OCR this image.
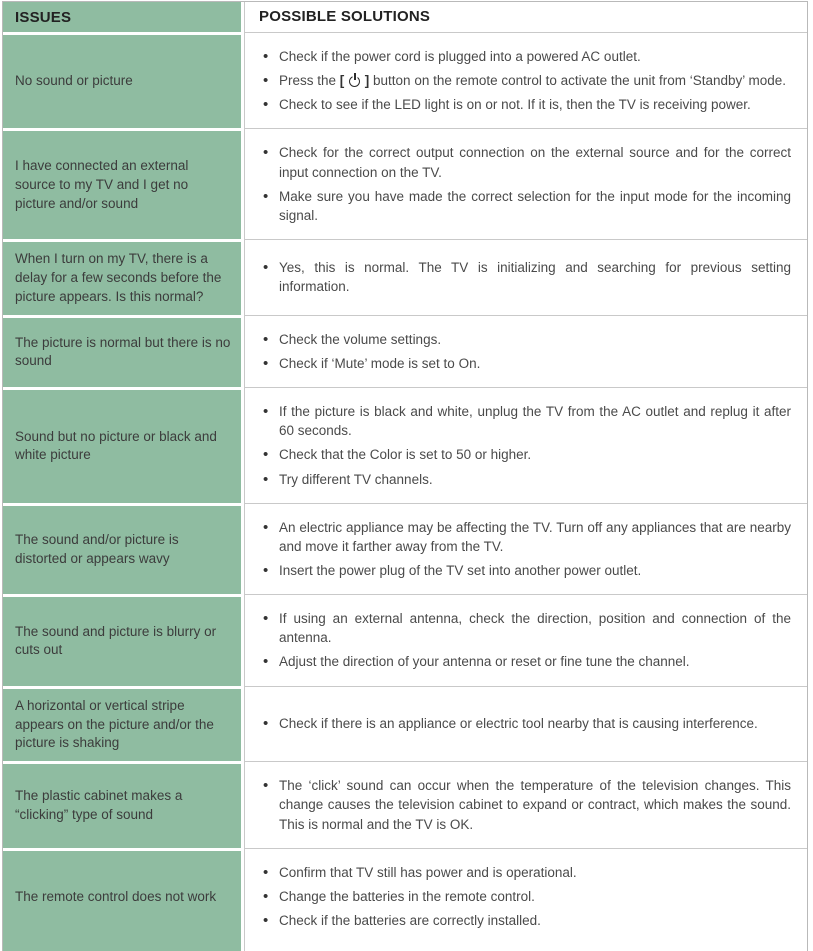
ISSUES	POSSIBLE SOLUTIONS
No sound or picture
• Check if the power cord is plugged into a powered AC outlet.
• Press the [  ] button on the remote control to activate the unit from ‘Standby’ mode.
• Check to see if the LED light is on or not. If it is, then the TV is receiving power.
I have connected an external source to my TV and I get no picture and/or sound
• Check for the correct output connection on the external source and for the correct input connection on the TV.
• Make sure you have made the correct selection for the input mode for the incoming signal.
When I turn on my TV, there is a delay for a few seconds before the picture appears. Is this normal?
• Yes, this is normal. The TV is initializing and searching for previous setting information.
The picture is normal but there is no sound
• Check the volume settings.
• Check if ‘Mute’ mode is set to On.
Sound but no picture or black and white picture
• If the picture is black and white, unplug the TV from the AC outlet and replug it after 60 seconds.
• Check that the Color is set to 50 or higher.
• Try different TV channels.
The sound and/or picture is distorted or appears wavy
• An electric appliance may be affecting the TV. Turn off any appliances that are nearby and move it farther away from the TV.
• Insert the power plug of the TV set into another power outlet.
The sound and picture is blurry or cuts out
• If using an external antenna, check the direction, position and connection of the antenna.
• Adjust the direction of your antenna or reset or fine tune the channel.
A horizontal or vertical stripe appears on the picture and/or the picture is shaking
• Check if there is an appliance or electric tool nearby that is causing interference.
The plastic cabinet makes a “clicking” type of sound
• The ‘click’ sound can occur when the temperature of the television changes. This change causes the television cabinet to expand or contract, which makes the sound. This is normal and the TV is OK.
The remote control does not work
• Confirm that TV still has power and is operational.
• Change the batteries in the remote control.
• Check if the batteries are correctly installed.
